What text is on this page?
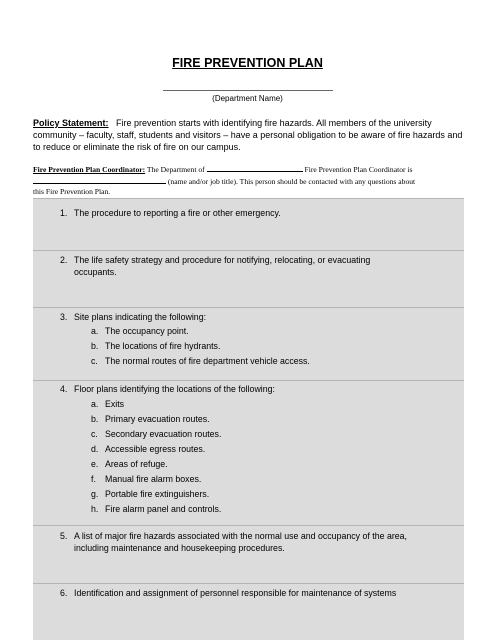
FIRE PREVENTION PLAN
(Department Name)
Policy Statement: Fire prevention starts with identifying fire hazards. All members of the university community – faculty, staff, students and visitors – have a personal obligation to be aware of fire hazards and to reduce or eliminate the risk of fire on our campus.
Fire Prevention Plan Coordinator: The Department of	Fire Prevention Plan Coordinator is
(name and/or job title). This person should be contacted with any questions about
this Fire Prevention Plan.
1. The procedure to reporting a fire or other emergency.
2. The life safety strategy and procedure for notifying, relocating, or evacuating
occupants.
3. Site plans indicating the following:
a. The occupancy point.
b. The locations of fire hydrants.
c. The normal routes of fire department vehicle access.
4. Floor plans identifying the locations of the following:
a. Exits
b. Primary evacuation routes.
c. Secondary evacuation routes.
d. Accessible egress routes.
e. Areas of refuge.
f.	Manual fire alarm boxes.
g. Portable fire extinguishers.
h. Fire alarm panel and controls.
5. A list of major fire hazards associated with the normal use and occupancy of the area,
including maintenance and housekeeping procedures.
6. Identification and assignment of personnel responsible for maintenance of systems
